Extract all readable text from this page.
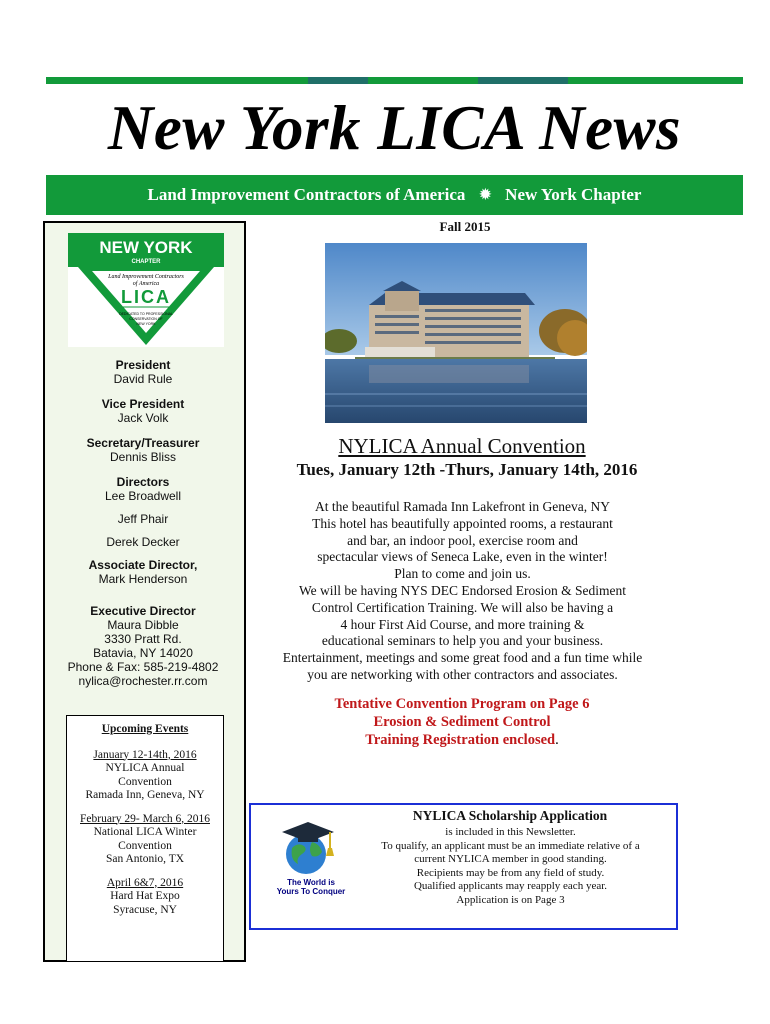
New York LICA News
Land Improvement Contractors of America ✹ New York Chapter
Fall 2015
NEW YORK
CHAPTER
Land Improvement Contractors
of America
LICA
DEDICATED TO PROFESSIONAL
CONSERVATION OF
NEW YORK
President
David Rule
Vice President
Jack Volk
Secretary/Treasurer
Dennis Bliss
Directors
Lee Broadwell
Jeff Phair
Derek Decker
Associate Director,
Mark Henderson
Executive Director
Maura Dibble
3330 Pratt Rd.
Batavia, NY 14020
Phone & Fax: 585-219-4802
nylica@rochester.rr.com
Upcoming Events
January 12-14th, 2016
NYLICA Annual
Convention
Ramada Inn, Geneva, NY
February 29- March 6, 2016
National LICA Winter
Convention
San Antonio, TX
April 6&7, 2016
Hard Hat Expo
Syracuse, NY
NYLICA Annual Convention
Tues, January 12th -Thurs, January 14th, 2016
At the beautiful Ramada Inn Lakefront in Geneva, NY
This hotel has beautifully appointed rooms, a restaurant
and bar, an indoor pool, exercise room and
spectacular views of Seneca Lake, even in the winter!
Plan to come and join us.
We will be having NYS DEC Endorsed Erosion & Sediment
Control Certification Training. We will also be having a
4 hour First Aid Course, and more training &
educational seminars to help you and your business.
Entertainment, meetings and some great food and a fun time while
you are networking with other contractors and associates.
Tentative Convention Program on Page 6
Erosion & Sediment Control
Training Registration enclosed.
The World is
Yours To Conquer
NYLICA Scholarship Application
is included in this Newsletter.
To qualify, an applicant must be an immediate relative of a
current NYLICA member in good standing.
Recipients may be from any field of study.
Qualified applicants may reapply each year.
Application is on Page 3
